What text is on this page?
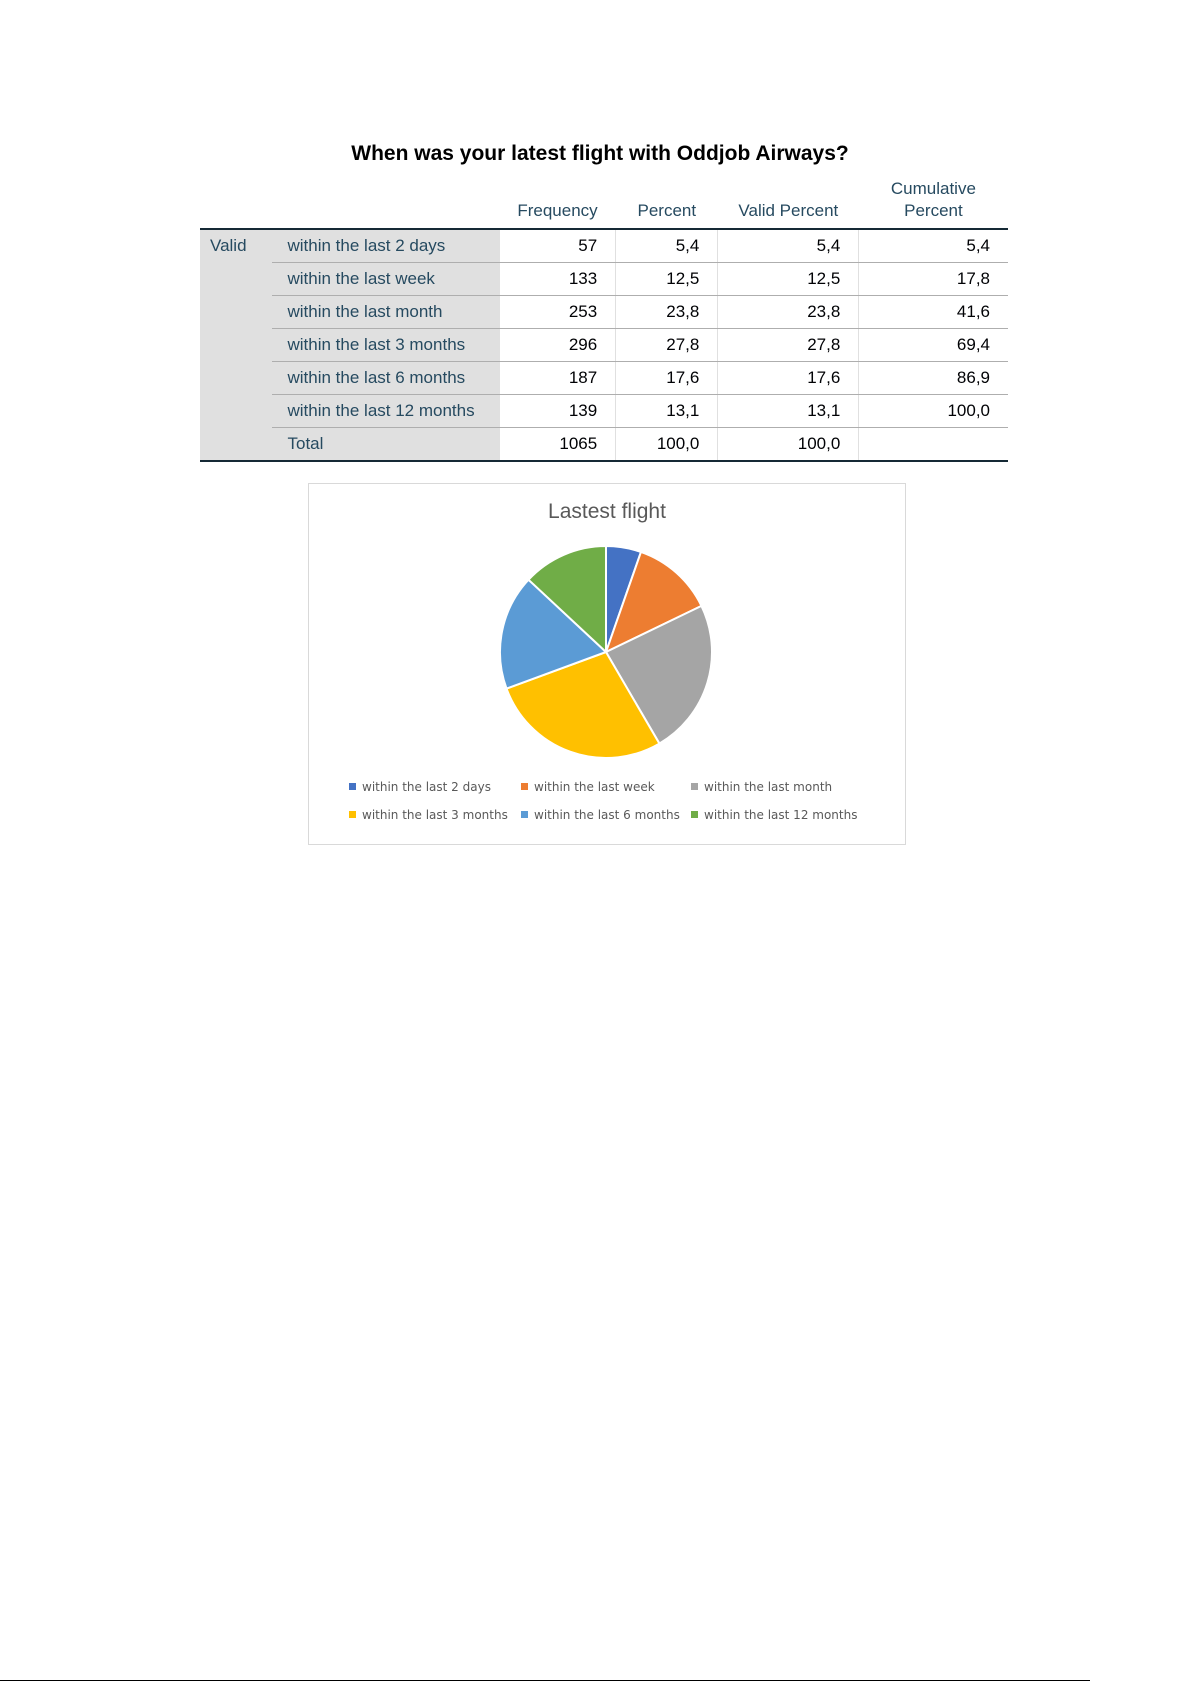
When was your latest flight with Oddjob Airways?
		Frequency	Percent	Valid Percent	Cumulative
Percent
Valid	within the last 2 days	57	5,4	5,4	5,4
	within the last week	133	12,5	12,5	17,8
	within the last month	253	23,8	23,8	41,6
	within the last 3 months	296	27,8	27,8	69,4
	within the last 6 months	187	17,6	17,6	86,9
	within the last 12 months	139	13,1	13,1	100,0
	Total	1065	100,0	100,0	
Lastest flight
within the last 2 days	within the last week	within the last month
within the last 3 months	within the last 6 months	within the last 12 months
